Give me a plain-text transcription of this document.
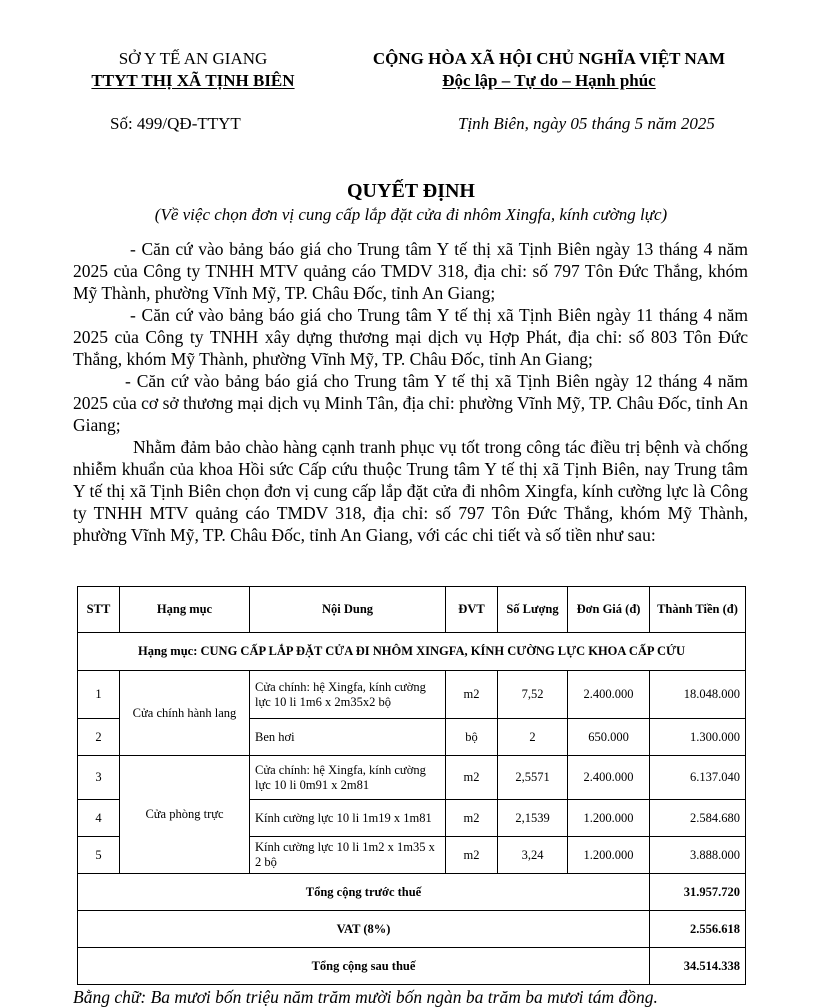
SỞ Y TẾ AN GIANG
TTYT THỊ XÃ TỊNH BIÊN
CỘNG HÒA XÃ HỘI CHỦ NGHĨA VIỆT NAM
Độc lập – Tự do – Hạnh phúc
Số: 499/QĐ-TTYT	Tịnh Biên, ngày 05 tháng 5 năm 2025
QUYẾT ĐỊNH
(Về việc chọn đơn vị cung cấp lắp đặt cửa đi nhôm Xingfa, kính cường lực)

- Căn cứ vào bảng báo giá cho Trung tâm Y tế thị xã Tịnh Biên ngày 13 tháng 4 năm 2025 của Công ty TNHH MTV quảng cáo TMDV 318, địa chỉ: số 797 Tôn Đức Thắng, khóm Mỹ Thành, phường Vĩnh Mỹ, TP. Châu Đốc, tỉnh An Giang;

- Căn cứ vào bảng báo giá cho Trung tâm Y tế thị xã Tịnh Biên ngày 11 tháng 4 năm 2025 của Công ty TNHH xây dựng thương mại dịch vụ Hợp Phát, địa chỉ: số 803 Tôn Đức Thắng, khóm Mỹ Thành, phường Vĩnh Mỹ, TP. Châu Đốc, tỉnh An Giang;

- Căn cứ vào bảng báo giá cho Trung tâm Y tế thị xã Tịnh Biên ngày 12 tháng 4 năm 2025 của cơ sở thương mại dịch vụ Minh Tân, địa chỉ: phường Vĩnh Mỹ, TP. Châu Đốc, tỉnh An Giang;

Nhằm đảm bảo chào hàng cạnh tranh phục vụ tốt trong công tác điều trị bệnh và chống nhiễm khuẩn của khoa Hồi sức Cấp cứu thuộc Trung tâm Y tế thị xã Tịnh Biên, nay Trung tâm Y tế thị xã Tịnh Biên chọn đơn vị cung cấp lắp đặt cửa đi nhôm Xingfa, kính cường lực là Công ty TNHH MTV quảng cáo TMDV 318, địa chỉ: số 797 Tôn Đức Thắng, khóm Mỹ Thành, phường Vĩnh Mỹ, TP. Châu Đốc, tỉnh An Giang, với các chi tiết và số tiền như sau:

STT	Hạng mục	Nội Dung	ĐVT	Số Lượng	Đơn Giá (đ)	Thành Tiền (đ)
Hạng mục: CUNG CẤP LẮP ĐẶT CỬA ĐI NHÔM XINGFA, KÍNH CƯỜNG LỰC KHOA CẤP CỨU						
1	Cửa chính hành lang	Cửa chính: hệ Xingfa, kính cường lực 10 li 1m6 x 2m35x2 bộ	m2	7,52	2.400.000	18.048.000
2		Ben hơi	bộ	2	650.000	1.300.000
3	Cửa phòng trực	Cửa chính: hệ Xingfa, kính cường lực 10 li 0m91 x 2m81	m2	2,5571	2.400.000	6.137.040
4		Kính cường lực 10 li 1m19 x 1m81	m2	2,1539	1.200.000	2.584.680
5		Kính cường lực 10 li 1m2 x 1m35 x 2 bộ	m2	3,24	1.200.000	3.888.000
Tổng cộng trước thuế						31.957.720
VAT (8%)						2.556.618
Tổng cộng sau thuế						34.514.338
Bằng chữ: Ba mươi bốn triệu năm trăm mười bốn ngàn ba trăm ba mươi tám đồng.
